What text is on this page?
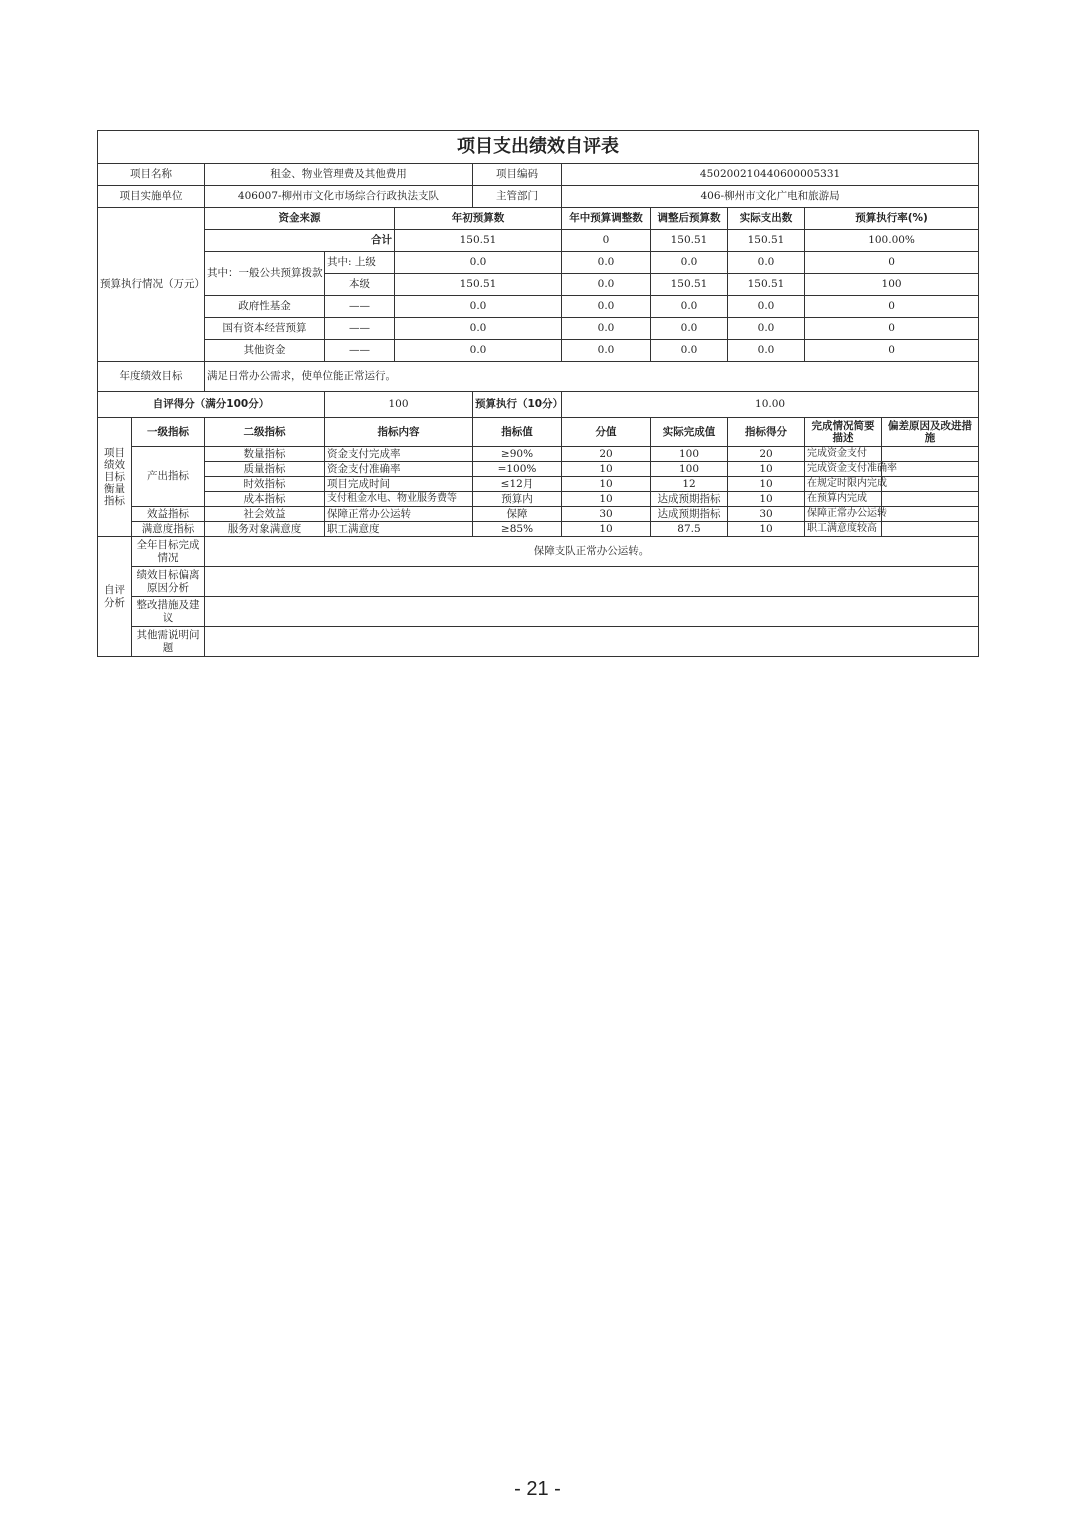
项目支出绩效自评表										
项目名称		租金、物业管理费及其他费用			项目编码	450200210440600005331				
项目实施单位		406007-柳州市文化市场综合行政执法支队			主管部门	406-柳州市文化广电和旅游局				
预算执行情况（万元）		资金来源		年初预算数		年中预算调整数	调整后预算数	实际支出数	预算执行率(%)	
		合计		150.51		0	150.51	150.51	100.00%	
		其中：一般公共预算拨款	其中: 上级	0.0		0.0	0.0	0.0	0	
			本级	150.51		0.0	150.51	150.51	100	
		政府性基金	——	0.0		0.0	0.0	0.0	0	
		国有资本经营预算	——	0.0		0.0	0.0	0.0	0	
		其他资金	——	0.0		0.0	0.0	0.0	0	
年度绩效目标		满足日常办公需求，使单位能正常运行。								
自评得分（满分100分）			100		预算执行（10分）	10.00				
项目绩效目标衡量指标	一级指标	二级指标	指标内容		指标值	分值	实际完成值	指标得分	完成情况简要描述	偏差原因及改进措施
	产出指标	数量指标	资金支付完成率		≥90%	20	100	20	完成资金支付	
		质量指标	资金支付准确率		=100%	10	100	10	完成资金支付准确率	
		时效指标	项目完成时间		≤12月	10	12	10	在规定时限内完成	
		成本指标	支付租金水电、物业服务费等		预算内	10	达成预期指标	10	在预算内完成	
	效益指标	社会效益	保障正常办公运转		保障	30	达成预期指标	30	保障正常办公运转	
	满意度指标	服务对象满意度	职工满意度		≥85%	10	87.5	10	职工满意度较高	
自评分析	全年目标完成情况	保障支队正常办公运转。								
	绩效目标偏离原因分析									
	整改措施及建议									
	其他需说明问题									
- 21 -
